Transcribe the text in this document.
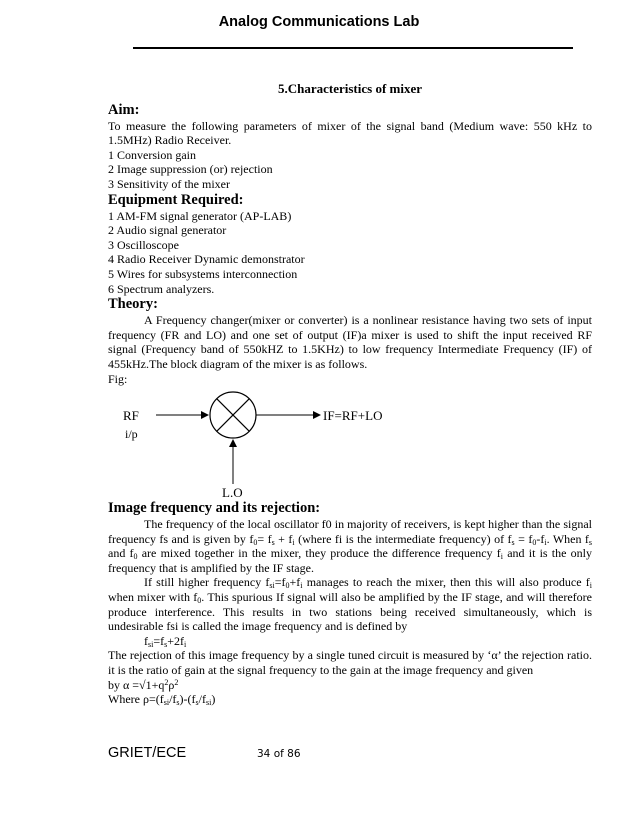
Analog Communications Lab

5.Characteristics of mixer

Aim:

To measure the following parameters of mixer of the signal band (Medium wave: 550 kHz to 1.5MHz) Radio Receiver.

1 Conversion gain

2 Image suppression (or) rejection

3 Sensitivity of the mixer

Equipment Required:

1 AM-FM signal generator (AP-LAB)

2 Audio signal generator

3 Oscilloscope

4 Radio Receiver Dynamic demonstrator

5 Wires for subsystems interconnection

6 Spectrum analyzers.

Theory:

A Frequency changer(mixer or converter) is a nonlinear resistance having two sets of input frequency (FR and LO) and one set of output (IF)a mixer is used to shift the input received RF signal (Frequency band of 550kHZ to 1.5KHz) to low frequency Intermediate Frequency (IF) of 455kHz.The block diagram of the mixer is as follows.

Fig:

RF
i/p
IF=RF+LO
L.O

Image frequency and its rejection:

The frequency of the local oscillator f0 in majority of receivers, is kept higher than the signal frequency fs and is given by $f_0= f_s + f_i$ (where fi is the intermediate frequency) of $f_s = f_0-f_i$. When $f_s$ and $f_0$ are mixed together in the mixer, they produce the difference frequency $f_i$ and it is the only frequency that is amplified by the IF stage.

If still higher frequency $f_{si}=f_0+f_i$ manages to reach the mixer, then this will also produce $f_i$ when mixer with $f_0$. This spurious If signal will also be amplified by the IF stage, and will therefore produce interference. This results in two stations being received simultaneously, which is undesirable fsi is called the image frequency and is defined by

$f_{si}=f_s+2f_i$

The rejection of this image frequency by a single tuned circuit is measured by ‘α’ the rejection ratio. it is the ratio of gain at the signal frequency to the gain at the image frequency and given

by $\alpha =√1+q^2\rho^2$

Where $\rho=(f_{si}/f_s)-(f_s/f_{si})$

GRIET/ECE	34 of 86
